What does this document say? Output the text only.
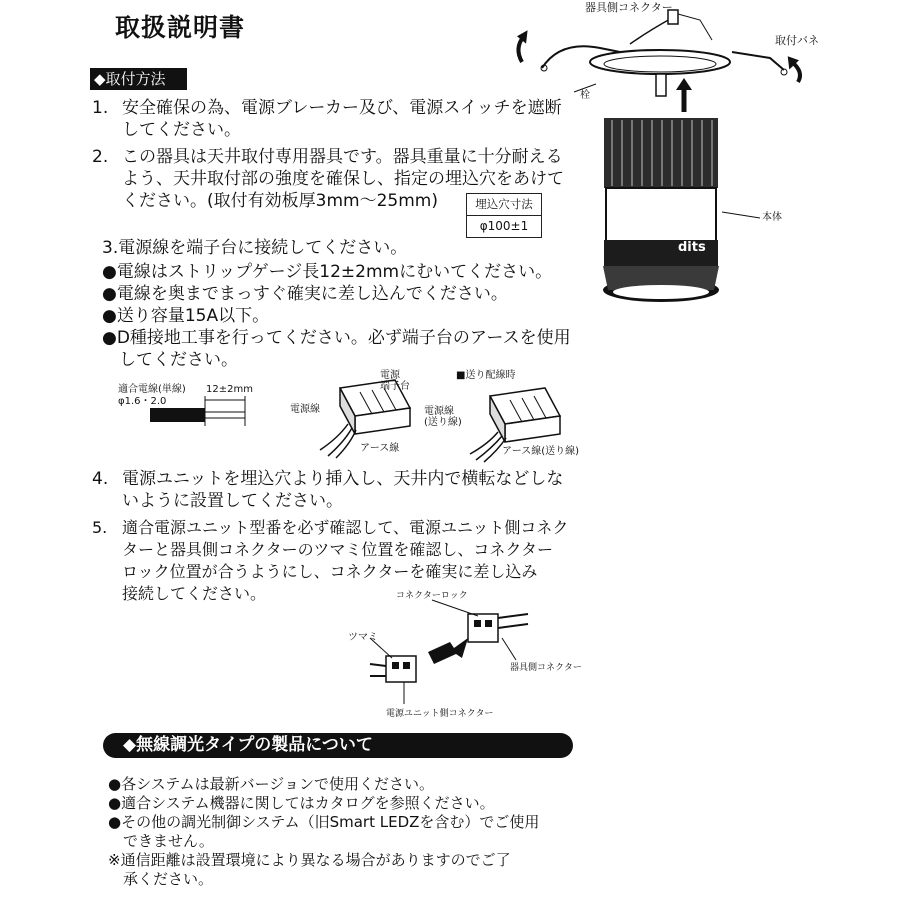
取扱説明書
◆取付方法
1. 安全確保の為、電源ブレーカー及び、電源スイッチを遮断
してください。
2. この器具は天井取付専用器具です。器具重量に十分耐える
よう、天井取付部の強度を確保し、指定の埋込穴をあけて
ください。(取付有効板厚3mm～25mm)	埋込穴寸法
φ100±1
3.電源線を端子台に接続してください。
●電線はストリップゲージ長12±2mmにむいてください。
●電線を奥までまっすぐ確実に差し込んでください。
●送り容量15A以下。
●D種接地工事を行ってください。必ず端子台のアースを使用
してください。
器具側コネクター
取付バネ
栓
本体
dits
適合電線(単線)
φ1.6・2.0
12±2mm
電源
端子台
電源線
アース線
■送り配線時
電源線
(送り線)
アース線(送り線)
4. 電源ユニットを埋込穴より挿入し、天井内で横転などしな
いように設置してください。
5. 適合電源ユニット型番を必ず確認して、電源ユニット側コネク
ターと器具側コネクターのツマミ位置を確認し、コネクター
ロック位置が合うようにし、コネクターを確実に差し込み
接続してください。	コネクターロック
ツマミ
器具側コネクター
電源ユニット側コネクター
◆無線調光タイプの製品について
●各システムは最新バージョンで使用ください。
●適合システム機器に関してはカタログを参照ください。
●その他の調光制御システム（旧Smart LEDZを含む）でご使用
できません。
※通信距離は設置環境により異なる場合がありますのでご了
承ください。
